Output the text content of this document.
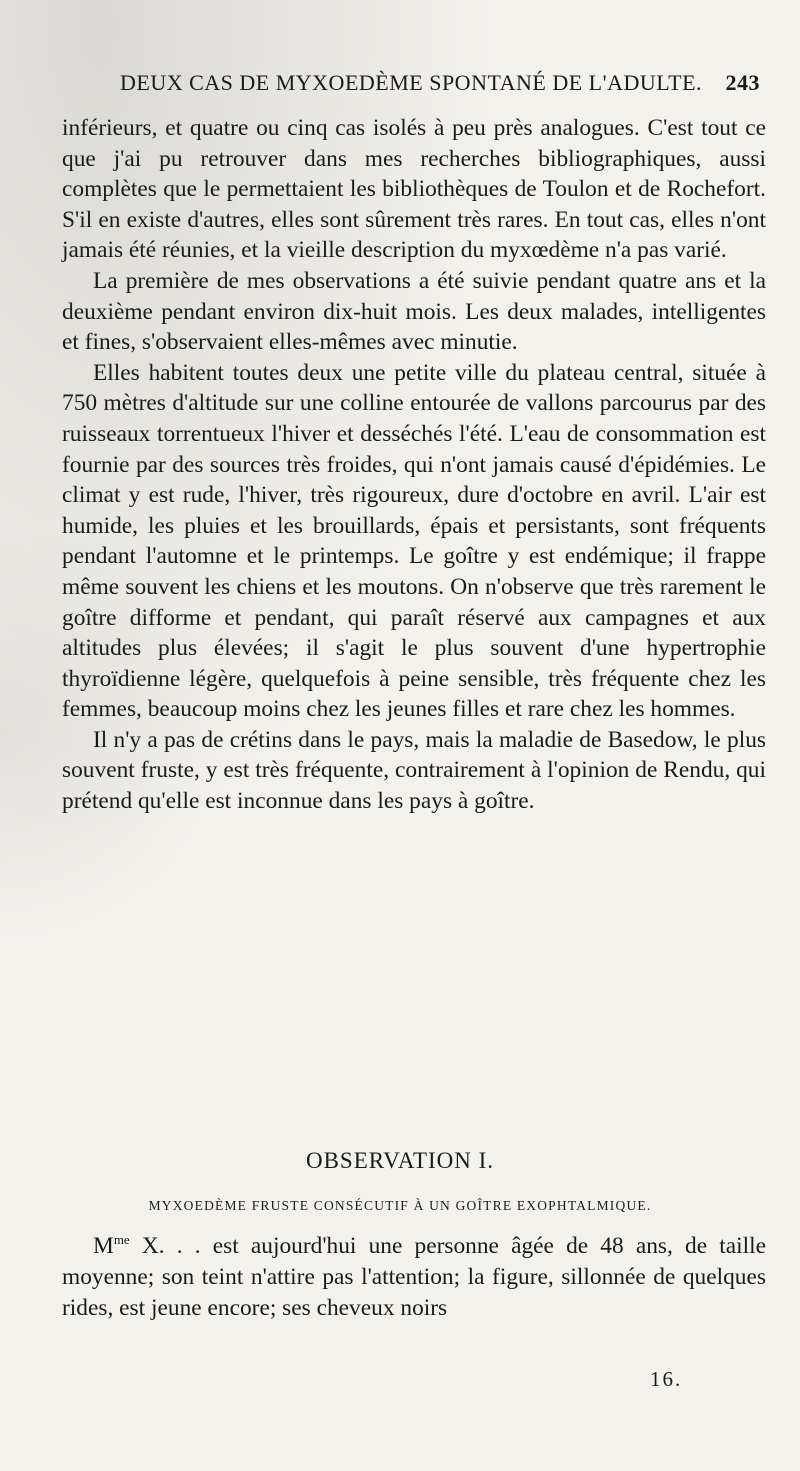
DEUX CAS DE MYXOEDÈME SPONTANÉ DE L'ADULTE. 243

inférieurs, et quatre ou cinq cas isolés à peu près analogues. C'est tout ce que j'ai pu retrouver dans mes recherches bibliographiques, aussi complètes que le permettaient les bibliothèques de Toulon et de Rochefort. S'il en existe d'autres, elles sont sûrement très rares. En tout cas, elles n'ont jamais été réunies, et la vieille description du myxœdème n'a pas varié.

La première de mes observations a été suivie pendant quatre ans et la deuxième pendant environ dix-huit mois. Les deux malades, intelligentes et fines, s'observaient elles-mêmes avec minutie.

Elles habitent toutes deux une petite ville du plateau central, située à 750 mètres d'altitude sur une colline entourée de vallons parcourus par des ruisseaux torrentueux l'hiver et desséchés l'été. L'eau de consommation est fournie par des sources très froides, qui n'ont jamais causé d'épidémies. Le climat y est rude, l'hiver, très rigoureux, dure d'octobre en avril. L'air est humide, les pluies et les brouillards, épais et persistants, sont fréquents pendant l'automne et le printemps. Le goître y est endémique; il frappe même souvent les chiens et les moutons. On n'observe que très rarement le goître difforme et pendant, qui paraît réservé aux campagnes et aux altitudes plus élevées; il s'agit le plus souvent d'une hypertrophie thyroïdienne légère, quelquefois à peine sensible, très fréquente chez les femmes, beaucoup moins chez les jeunes filles et rare chez les hommes.

Il n'y a pas de crétins dans le pays, mais la maladie de Basedow, le plus souvent fruste, y est très fréquente, contrairement à l'opinion de Rendu, qui prétend qu'elle est inconnue dans les pays à goître.

OBSERVATION I.
MYXOEDÈME FRUSTE CONSÉCUTIF À UN GOÎTRE EXOPHTALMIQUE.

$M^{me}$ X. . . est aujourd'hui une personne âgée de 48 ans, de taille moyenne; son teint n'attire pas l'attention; la figure, sillonnée de quelques rides, est jeune encore; ses cheveux noirs

16.
